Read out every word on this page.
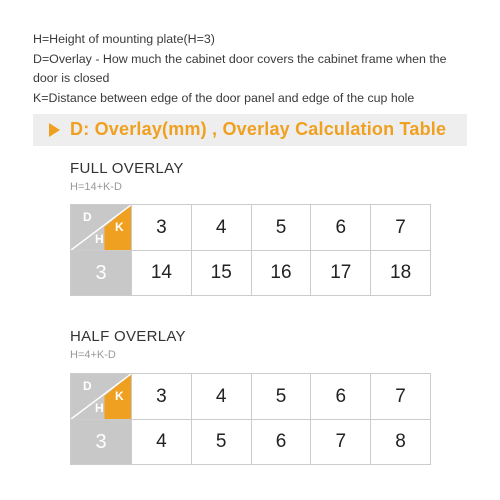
H=Height of mounting plate(H=3)
D=Overlay - How much the cabinet door covers the cabinet frame when the
door is closed
K=Distance between edge of the door panel and edge of the cup hole
D: Overlay(mm) , Overlay Calculation Table
FULL OVERLAY
H=14+K-D
D
H
K	3	4	5	6	7
3	14	15	16	17	18
HALF OVERLAY
H=4+K-D
D
H
K	3	4	5	6	7
3	4	5	6	7	8
